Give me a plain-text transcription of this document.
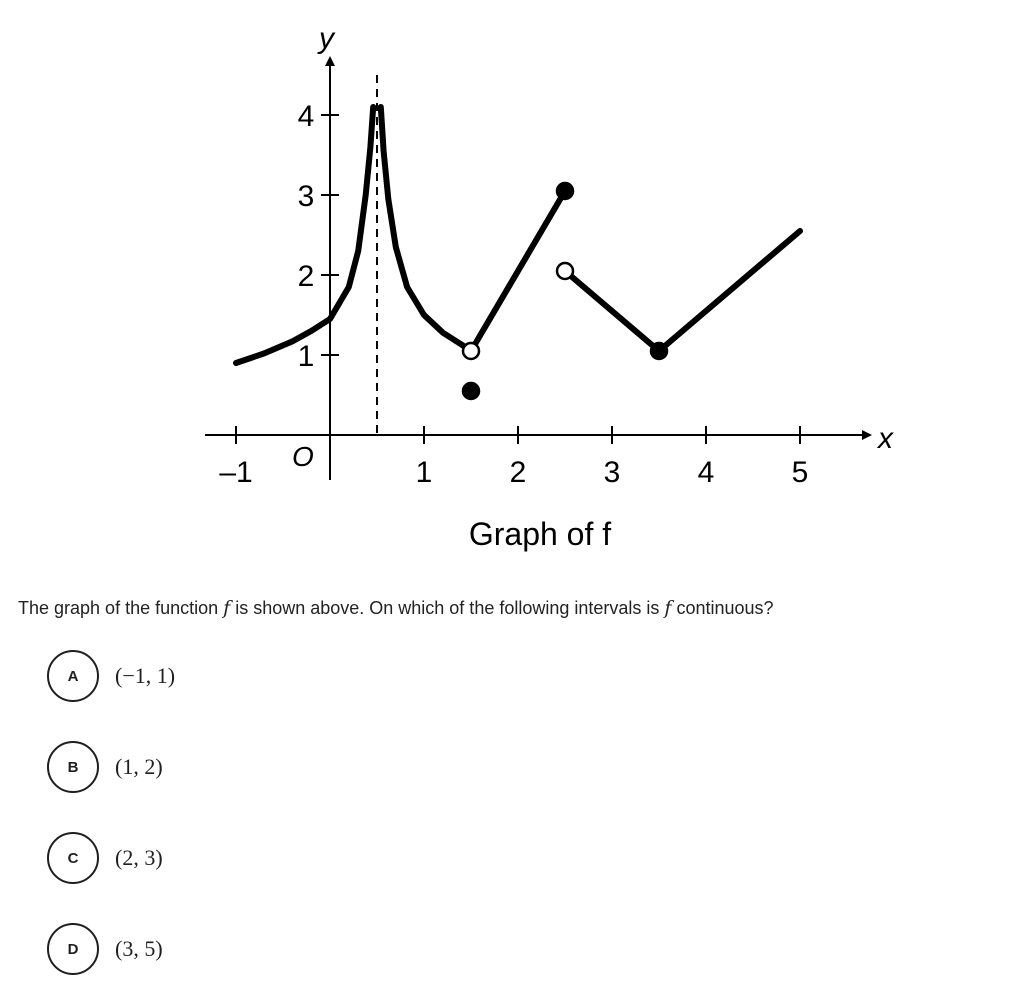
–1	1	2	3	4	5
1
2
3
4
x
y
O
Graph of f
The graph of the function f is shown above. On which of the following intervals is f continuous?
A	(−1, 1)
B	(1, 2)
C	(2, 3)
D	(3, 5)
